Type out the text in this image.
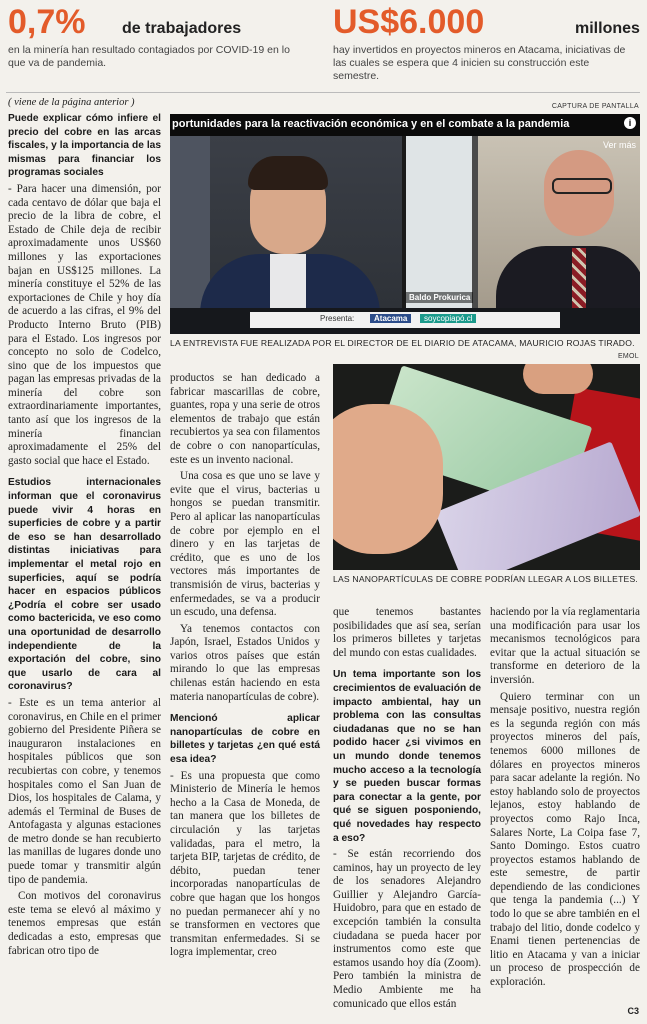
0,7% de trabajadores
en la minería han resultado contagiados por COVID-19 en lo que va de pandemia.
US$6.000	millones
hay invertidos en proyectos mineros en Atacama, iniciativas de las cuales se espera que 4 inicien su construcción este semestre.
( viene de la página anterior )	CAPTURA DE PANTALLA
portunidades para la reactivación económica y en el combate a la pandemia	i
Baldo Prokurica
Ver más
Presenta:	Atacama	soycopiapó.cl
LA ENTREVISTA FUE REALIZADA POR EL DIRECTOR DE EL DIARIO DE ATACAMA, MAURICIO ROJAS TIRADO.
EMOL
LAS NANOPARTÍCULAS DE COBRE PODRÍAN LLEGAR A LOS BILLETES.

Puede explicar cómo infiere el precio del cobre en las arcas fiscales, y la importancia de las mismas para financiar los programas sociales

- Para hacer una dimensión, por cada centavo de dólar que baja el precio de la libra de cobre, el Estado de Chile deja de recibir aproximadamente unos US$60 millones y las exportaciones bajan en US$125 millones. La minería constituye el 52% de las exportaciones de Chile y hoy día de acuerdo a las cifras, el 9% del Producto Interno Bruto (PIB) para el Estado. Los ingresos por concepto no solo de Codelco, sino que de los impuestos que pagan las empresas privadas de la minería del cobre son extraordinariamente importantes, tanto así que los ingresos de la minería financian aproximadamente el 25% del gasto social que hace el Estado.

Estudios internacionales informan que el coronavirus puede vivir 4 horas en superficies de cobre y a partir de eso se han desarrollado distintas iniciativas para implementar el metal rojo en superficies, aquí se podría hacer en espacios públicos ¿Podría el cobre ser usado como bactericida, ve eso como una oportunidad de desarrollo independiente de la exportación del cobre, sino que usarlo de cara al coronavirus?

- Este es un tema anterior al coronavirus, en Chile en el primer gobierno del Presidente Piñera se inauguraron instalaciones en hospitales públicos que son recubiertas con cobre, y tenemos hospitales como el San Juan de Dios, los hospitales de Calama, y además el Terminal de Buses de Antofagasta y algunas estaciones de metro donde se han recubierto las manillas de lugares donde uno puede tomar y transmitir algún tipo de pandemia.

Con motivos del coronavirus este tema se elevó al máximo y tenemos empresas que están dedicadas a esto, empresas que fabrican otro tipo de

productos se han dedicado a fabricar mascarillas de cobre, guantes, ropa y una serie de otros elementos de trabajo que están recubiertos ya sea con filamentos de cobre o con nanopartículas, este es un invento nacional.

Una cosa es que uno se lave y evite que el virus, bacterias u hongos se puedan transmitir. Pero al aplicar las nanopartículas de cobre por ejemplo en el dinero y en las tarjetas de crédito, que es uno de los vectores más importantes de transmisión de virus, bacterias y enfermedades, se va a producir un escudo, una defensa.

Ya tenemos contactos con Japón, Israel, Estados Unidos y varios otros países que están mirando lo que las empresas chilenas están haciendo en esta materia nanopartículas de cobre).

Mencionó aplicar nanopartículas de cobre en billetes y tarjetas ¿en qué está esa idea?

- Es una propuesta que como Ministerio de Minería le hemos hecho a la Casa de Moneda, de tan manera que los billetes de circulación y las tarjetas validadas, para el metro, la tarjeta BIP, tarjetas de crédito, de débito, puedan tener incorporadas nanopartículas de cobre que hagan que los hongos no puedan permanecer ahí y no se transformen en vectores que transmitan enfermedades. Si se logra implementar, creo

que tenemos bastantes posibilidades que así sea, serían los primeros billetes y tarjetas del mundo con estas cualidades.

Un tema importante son los crecimientos de evaluación de impacto ambiental, hay un problema con las consultas ciudadanas que no se han podido hacer ¿si vivimos en un mundo donde tenemos mucho acceso a la tecnología y se pueden buscar formas para conectar a la gente, por qué se siguen posponiendo, qué novedades hay respecto a eso?

- Se están recorriendo dos caminos, hay un proyecto de ley de los senadores Alejandro Guillier y Alejandro García-Huidobro, para que en estado de excepción también la consulta ciudadana se pueda hacer por instrumentos como este que estamos usando hoy día (Zoom). Pero también la ministra de Medio Ambiente me ha comunicado que ellos están

haciendo por la vía reglamentaria una modificación para usar los mecanismos tecnológicos para evitar que la actual situación se transforme en deterioro de la inversión.

Quiero terminar con un mensaje positivo, nuestra región es la segunda región con más proyectos mineros del país, tenemos 6000 millones de dólares en proyectos mineros para sacar adelante la región. No estoy hablando solo de proyectos lejanos, estoy hablando de proyectos como Rajo Inca, Salares Norte, La Coipa fase 7, Santo Domingo. Estos cuatro proyectos estamos hablando de este semestre, de partir dependiendo de las condiciones que tenga la pandemia (...) Y todo lo que se abre también en el trabajo del litio, donde codelco y Enami tienen pertenencias de litio en Atacama y van a iniciar un proceso de prospección de exploración.

C3
